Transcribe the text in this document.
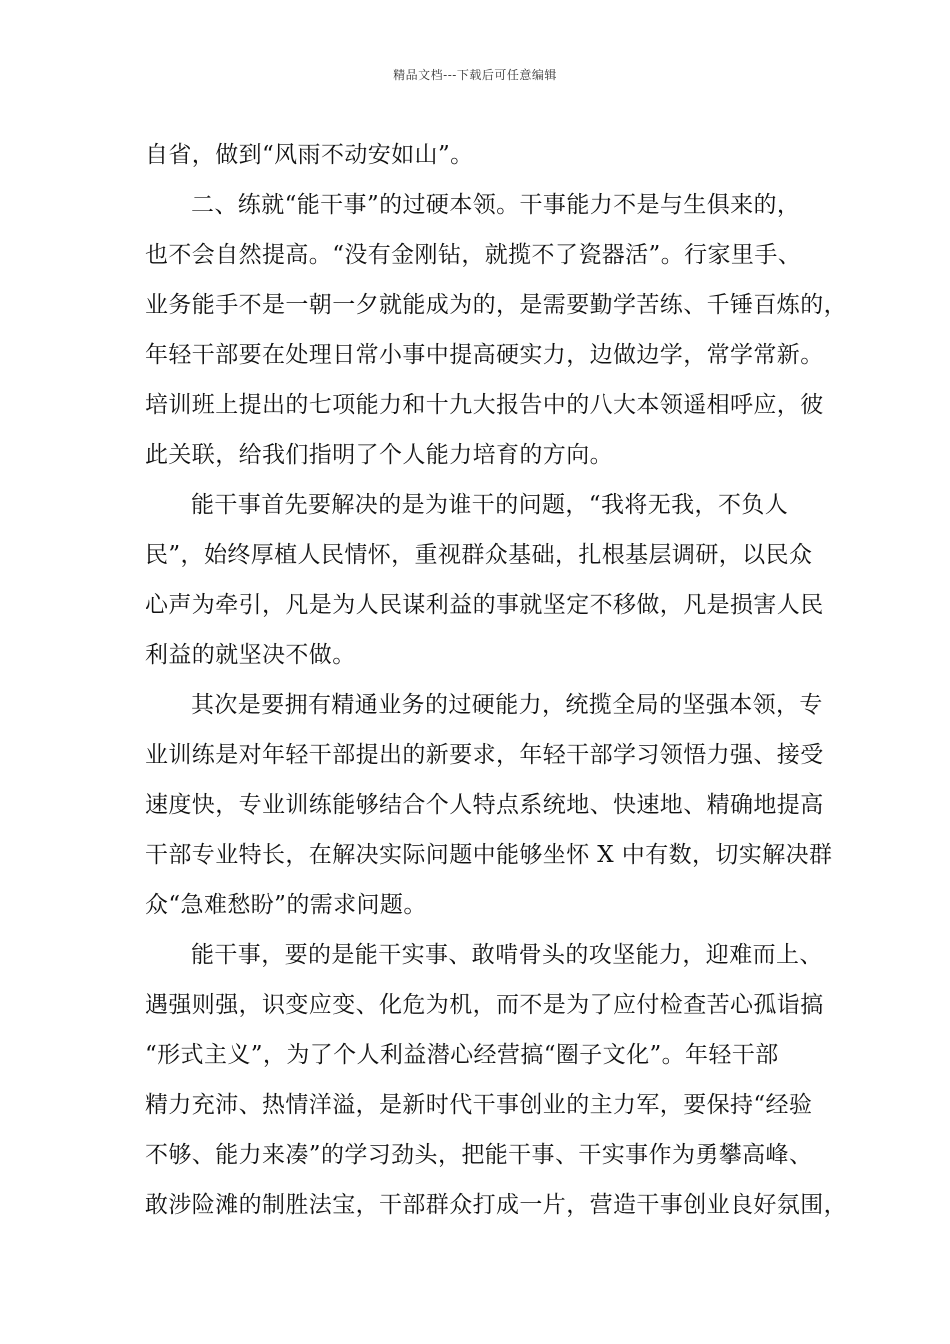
精品文档---下载后可任意编辑
自省，做到“风雨不动安如山”。
二、练就“能干事”的过硬本领。干事能力不是与生俱来的，
也不会自然提高。“没有金刚钻，就揽不了瓷器活”。行家里手、
业务能手不是一朝一夕就能成为的，是需要勤学苦练、千锤百炼的，
年轻干部要在处理日常小事中提高硬实力，边做边学，常学常新。
培训班上提出的七项能力和十九大报告中的八大本领遥相呼应，彼
此关联，给我们指明了个人能力培育的方向。
能干事首先要解决的是为谁干的问题，“我将无我，不负人
民”，始终厚植人民情怀，重视群众基础，扎根基层调研，以民众
心声为牵引，凡是为人民谋利益的事就坚定不移做，凡是损害人民
利益的就坚决不做。
其次是要拥有精通业务的过硬能力，统揽全局的坚强本领，专
业训练是对年轻干部提出的新要求，年轻干部学习领悟力强、接受
速度快，专业训练能够结合个人特点系统地、快速地、精确地提高
干部专业特长，在解决实际问题中能够坐怀 X 中有数，切实解决群
众“急难愁盼”的需求问题。
能干事，要的是能干实事、敢啃骨头的攻坚能力，迎难而上、
遇强则强，识变应变、化危为机，而不是为了应付检查苦心孤诣搞
“形式主义”，为了个人利益潜心经营搞“圈子文化”。年轻干部
精力充沛、热情洋溢，是新时代干事创业的主力军，要保持“经验
不够、能力来凑”的学习劲头，把能干事、干实事作为勇攀高峰、
敢涉险滩的制胜法宝，干部群众打成一片，营造干事创业良好氛围，
